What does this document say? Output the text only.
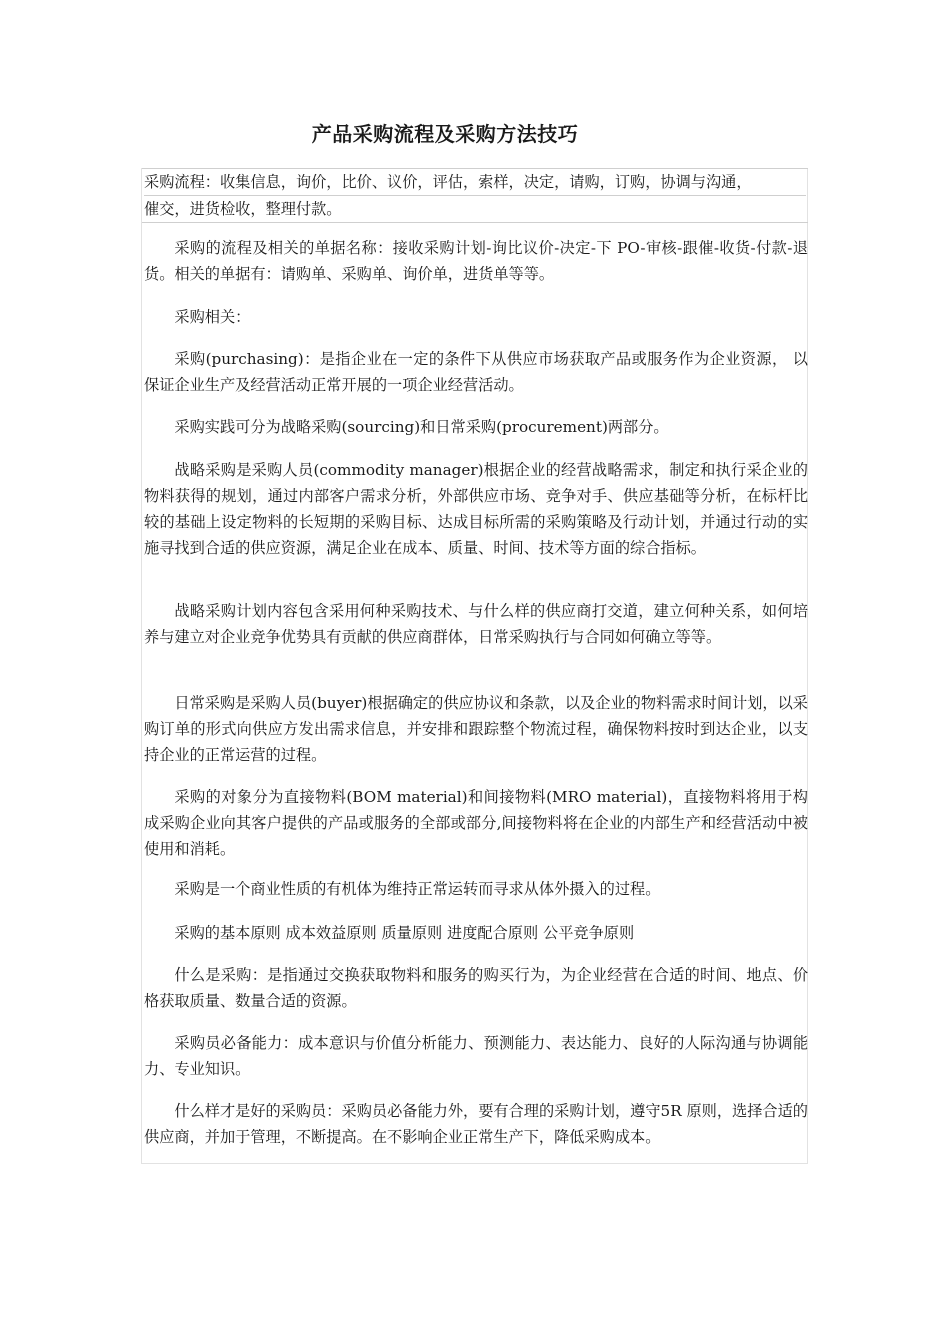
产品采购流程及采购方法技巧
采购流程：收集信息，询价，比价、议价，评估，索样，决定，请购，订购，协调与沟通，
催交，进货检收，整理付款。

采购的流程及相关的单据名称：接收采购计划-询比议价-决定-下 PO-审核-跟催-收货-付款-退货。相关的单据有：请购单、采购单、询价单，进货单等等。

采购相关：

采购(purchasing)：是指企业在一定的条件下从供应市场获取产品或服务作为企业资源， 以保证企业生产及经营活动正常开展的一项企业经营活动。

采购实践可分为战略采购(sourcing)和日常采购(procurement)两部分。

战略采购是采购人员(commodity manager)根据企业的经营战略需求，制定和执行采企业的物料获得的规划，通过内部客户需求分析，外部供应市场、竞争对手、供应基础等分析，在标杆比较的基础上设定物料的长短期的采购目标、达成目标所需的采购策略及行动计划，并通过行动的实施寻找到合适的供应资源，满足企业在成本、质量、时间、技术等方面的综合指标。

战略采购计划内容包含采用何种采购技术、与什么样的供应商打交道，建立何种关系，如何培养与建立对企业竞争优势具有贡献的供应商群体，日常采购执行与合同如何确立等等。

日常采购是采购人员(buyer)根据确定的供应协议和条款，以及企业的物料需求时间计划，以采购订单的形式向供应方发出需求信息，并安排和跟踪整个物流过程，确保物料按时到达企业，以支持企业的正常运营的过程。

采购的对象分为直接物料(BOM material)和间接物料(MRO material)，直接物料将用于构成采购企业向其客户提供的产品或服务的全部或部分,间接物料将在企业的内部生产和经营活动中被使用和消耗。

采购是一个商业性质的有机体为维持正常运转而寻求从体外摄入的过程。

采购的基本原则 成本效益原则 质量原则 进度配合原则 公平竞争原则

什么是采购：是指通过交换获取物料和服务的购买行为，为企业经营在合适的时间、地点、价格获取质量、数量合适的资源。

采购员必备能力：成本意识与价值分析能力、预测能力、表达能力、良好的人际沟通与协调能力、专业知识。

什么样才是好的采购员：采购员必备能力外，要有合理的采购计划，遵守5R 原则，选择合适的供应商，并加于管理，不断提高。在不影响企业正常生产下，降低采购成本。
